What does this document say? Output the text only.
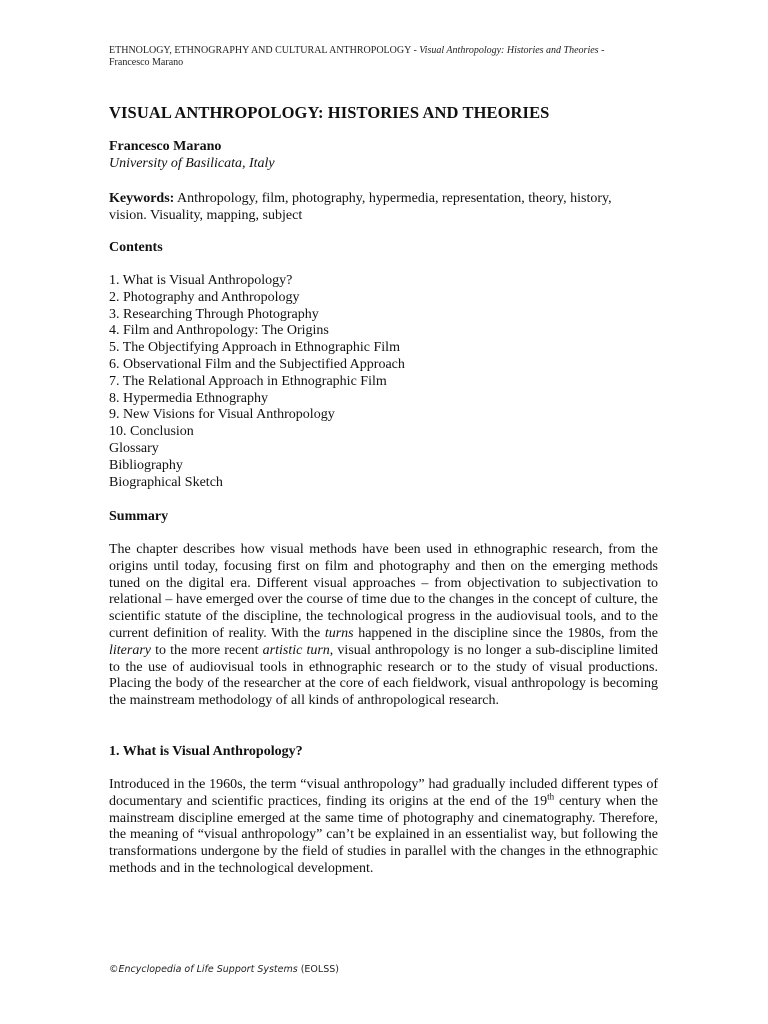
ETHNOLOGY, ETHNOGRAPHY AND CULTURAL ANTHROPOLOGY - Visual Anthropology: Histories and Theories -
Francesco Marano
VISUAL ANTHROPOLOGY: HISTORIES AND THEORIES
Francesco Marano
University of Basilicata, Italy

Keywords: Anthropology, film, photography, hypermedia, representation, theory, history, vision. Visuality, mapping, subject

Contents
1. What is Visual Anthropology?
2. Photography and Anthropology
3. Researching Through Photography
4. Film and Anthropology: The Origins
5. The Objectifying Approach in Ethnographic Film
6. Observational Film and the Subjectified Approach
7. The Relational Approach in Ethnographic Film
8. Hypermedia Ethnography
9. New Visions for Visual Anthropology
10. Conclusion
Glossary
Bibliography
Biographical Sketch
Summary

The chapter describes how visual methods have been used in ethnographic research, from the origins until today, focusing first on film and photography and then on the emerging methods tuned on the digital era. Different visual approaches – from objectivation to subjectivation to relational – have emerged over the course of time due to the changes in the concept of culture, the scientific statute of the discipline, the technological progress in the audiovisual tools, and to the current definition of reality. With the turns happened in the discipline since the 1980s, from the literary to the more recent artistic turn, visual anthropology is no longer a sub-discipline limited to the use of audiovisual tools in ethnographic research or to the study of visual productions. Placing the body of the researcher at the core of each fieldwork, visual anthropology is becoming the mainstream methodology of all kinds of anthropological research.

1. What is Visual Anthropology?

Introduced in the 1960s, the term “visual anthropology” had gradually included different types of documentary and scientific practices, finding its origins at the end of the 19th century when the mainstream discipline emerged at the same time of photography and cinematography. Therefore, the meaning of “visual anthropology” can’t be explained in an essentialist way, but following the transformations undergone by the field of studies in parallel with the changes in the ethnographic methods and in the technological development.

©Encyclopedia of Life Support Systems (EOLSS)
